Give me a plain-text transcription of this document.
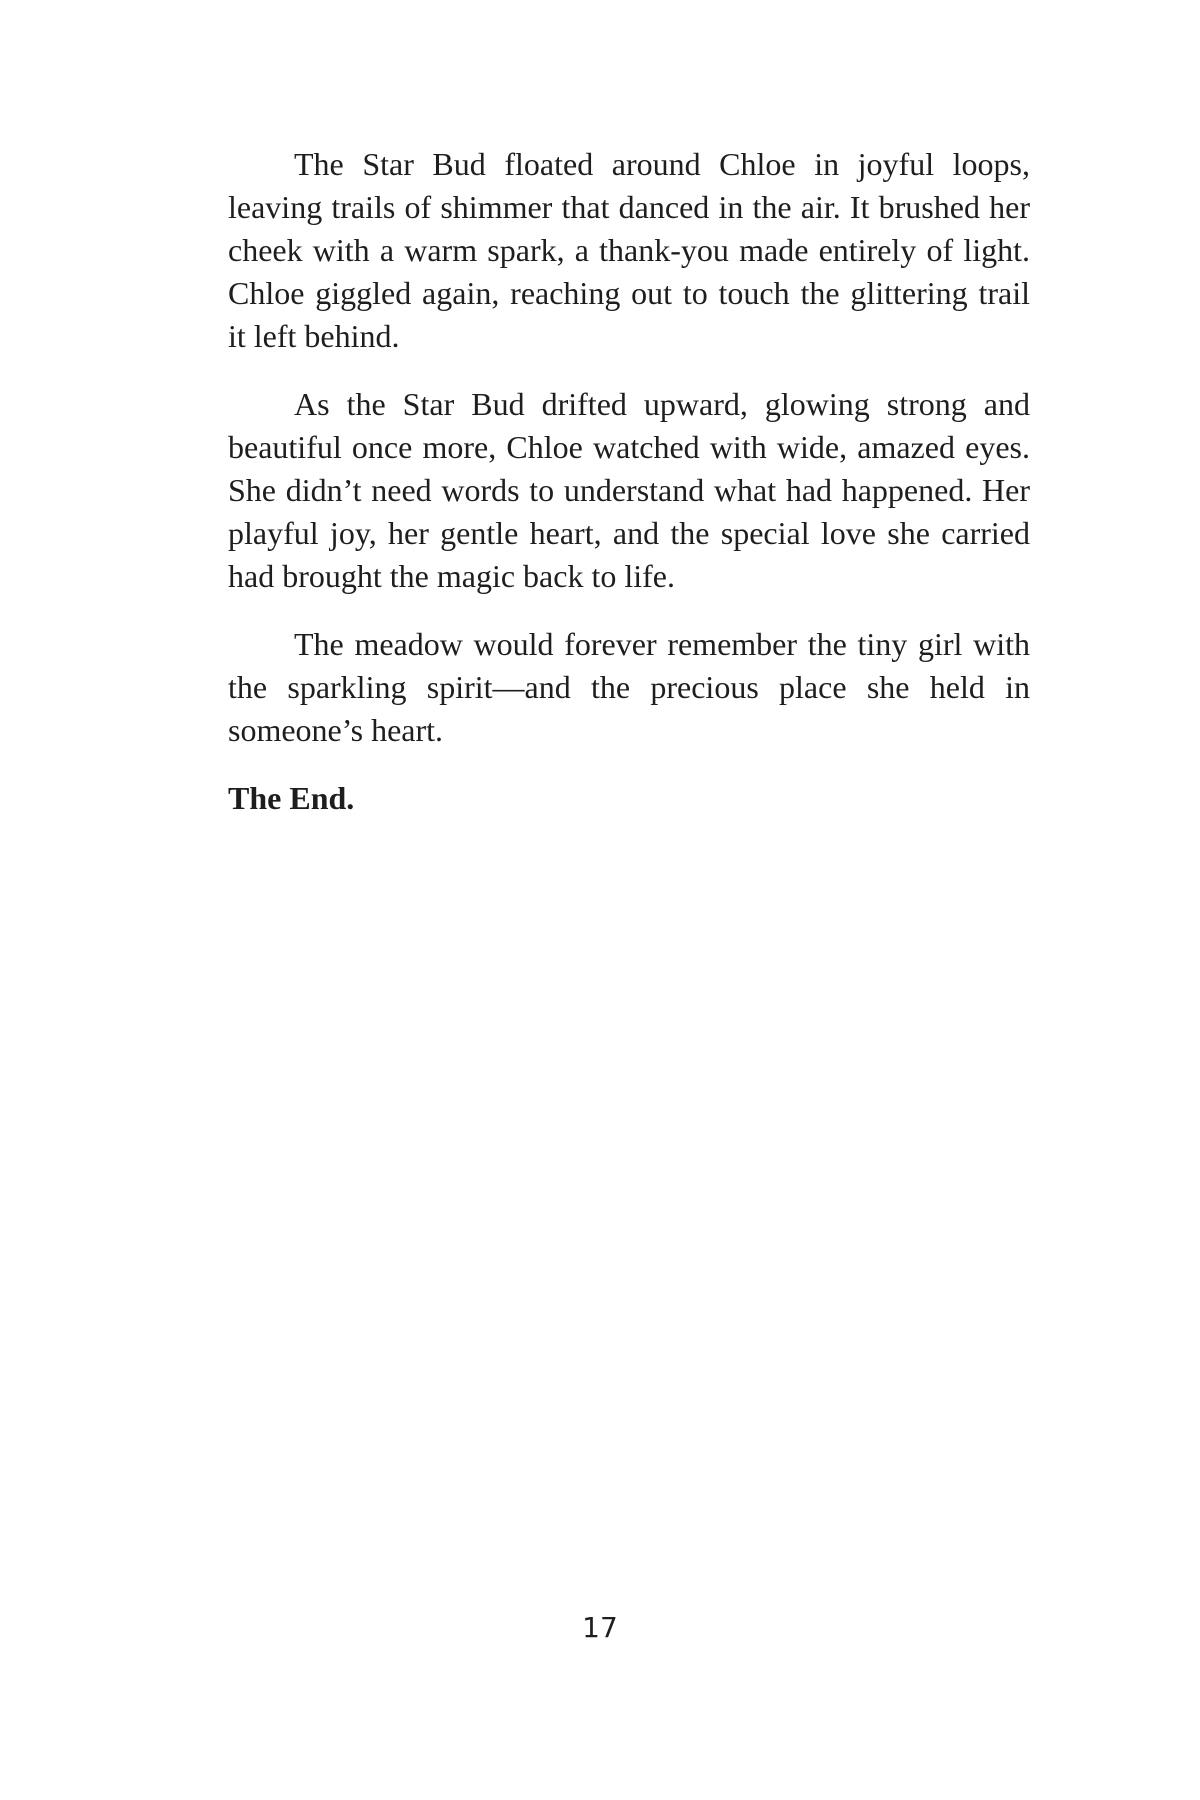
The Star Bud floated around Chloe in joyful loops, leaving trails of shimmer that danced in the air. It brushed her cheek with a warm spark, a thank-you made entirely of light. Chloe giggled again, reaching out to touch the glittering trail it left behind.

As the Star Bud drifted upward, glowing strong and beautiful once more, Chloe watched with wide, amazed eyes. She didn’t need words to understand what had happened. Her playful joy, her gentle heart, and the special love she carried had brought the magic back to life.

The meadow would forever remember the tiny girl with the sparkling spirit—and the precious place she held in someone’s heart.

The End.

17
